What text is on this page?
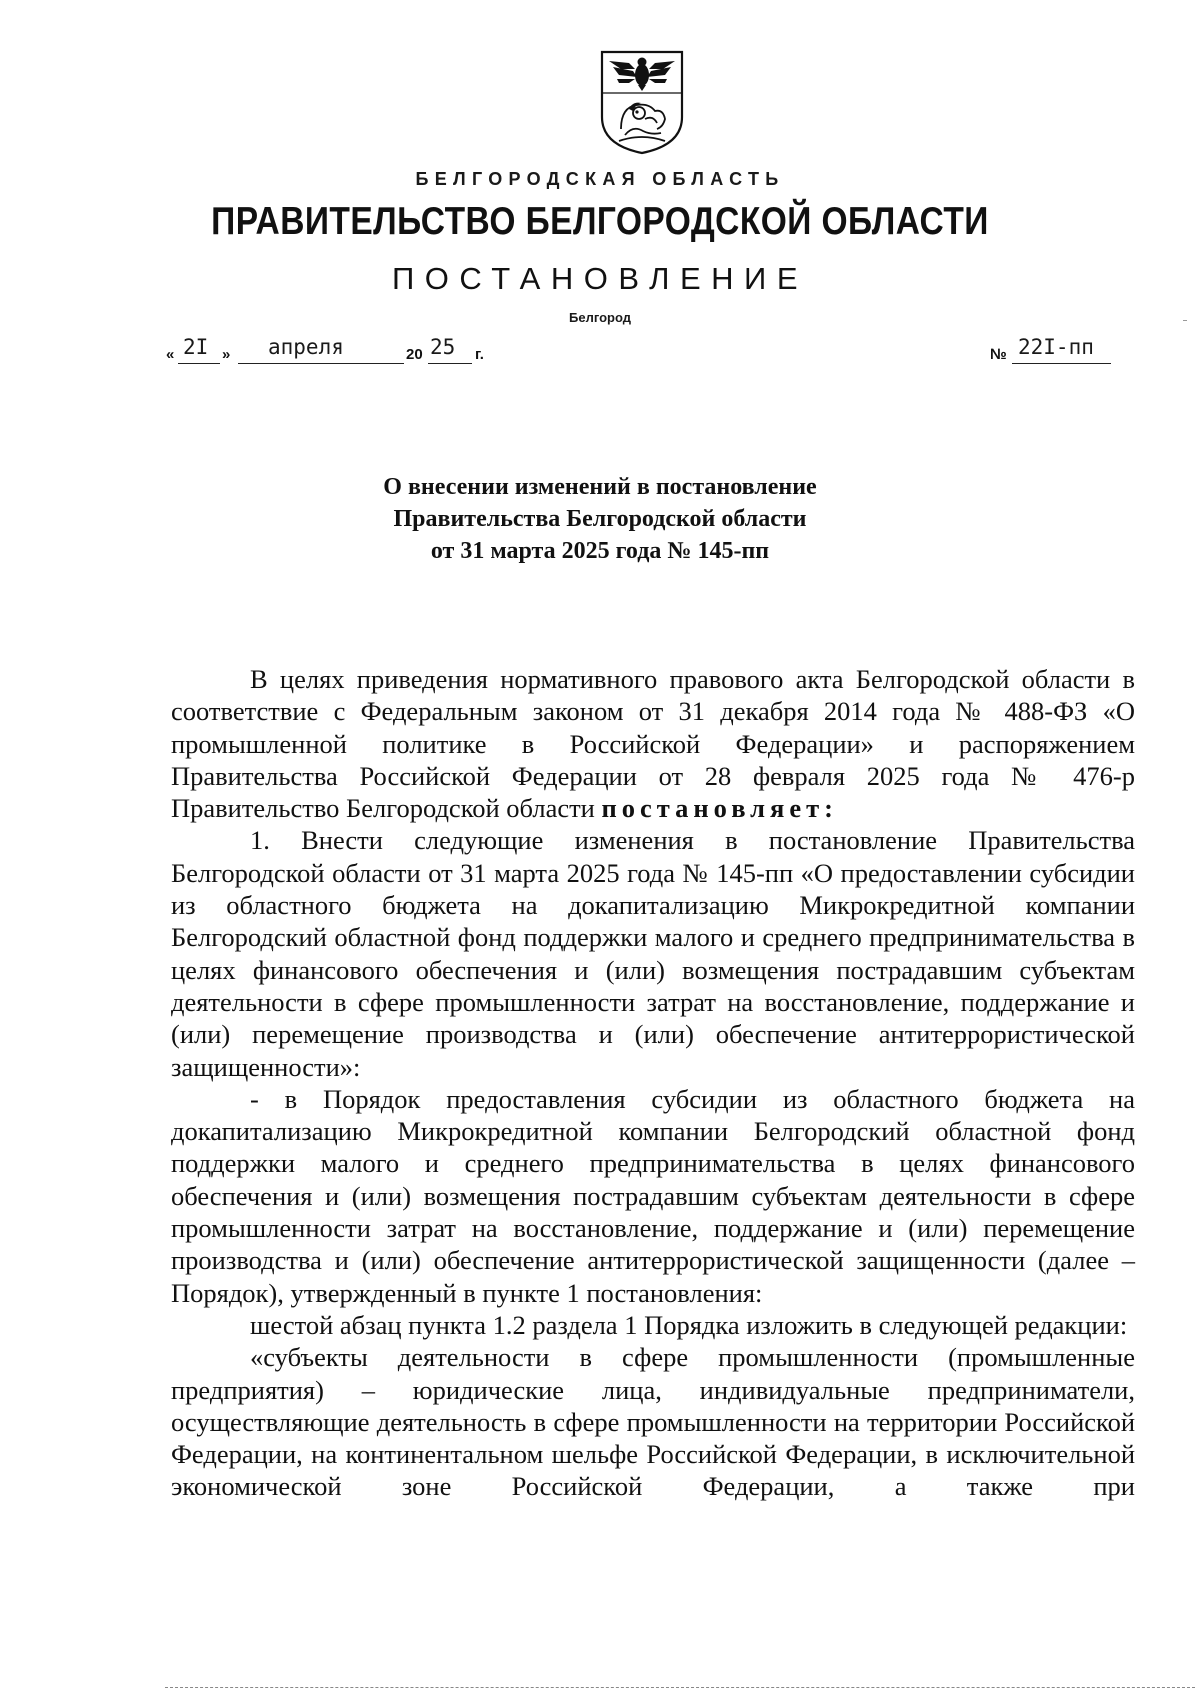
БЕЛГОРОДСКАЯ ОБЛАСТЬ
ПРАВИТЕЛЬСТВО БЕЛГОРОДСКОЙ ОБЛАСТИ
ПОСТАНОВЛЕНИЕ
Белгород
« 2I » апреля	20 25 г.	№ 22I-пп
О внесении изменений в постановление
Правительства Белгородской области
от 31 марта 2025 года № 145-пп

В целях приведения нормативного правового акта Белгородской области в соответствие с Федеральным законом от 31 декабря 2014 года № 488-ФЗ «О промышленной политике в Российской Федерации» и распоряжением Правительства Российской Федерации от 28 февраля 2025 года № 476-р Правительство Белгородской области постановляет:

1. Внести следующие изменения в постановление Правительства Белгородской области от 31 марта 2025 года № 145-пп «О предоставлении субсидии из областного бюджета на докапитализацию Микрокредитной компании Белгородский областной фонд поддержки малого и среднего предпринимательства в целях финансового обеспечения и (или) возмещения пострадавшим субъектам деятельности в сфере промышленности затрат на восстановление, поддержание и (или) перемещение производства и (или) обеспечение антитеррористической защищенности»:

- в Порядок предоставления субсидии из областного бюджета на докапитализацию Микрокредитной компании Белгородский областной фонд поддержки малого и среднего предпринимательства в целях финансового обеспечения и (или) возмещения пострадавшим субъектам деятельности в сфере промышленности затрат на восстановление, поддержание и (или) перемещение производства и (или) обеспечение антитеррористической защищенности (далее – Порядок), утвержденный в пункте 1 постановления:

шестой абзац пункта 1.2 раздела 1 Порядка изложить в следующей редакции:

«субъекты деятельности в сфере промышленности (промышленные предприятия) – юридические лица, индивидуальные предприниматели, осуществляющие деятельность в сфере промышленности на территории Российской Федерации, на континентальном шельфе Российской Федерации, в исключительной экономической зоне Российской Федерации, а также при
